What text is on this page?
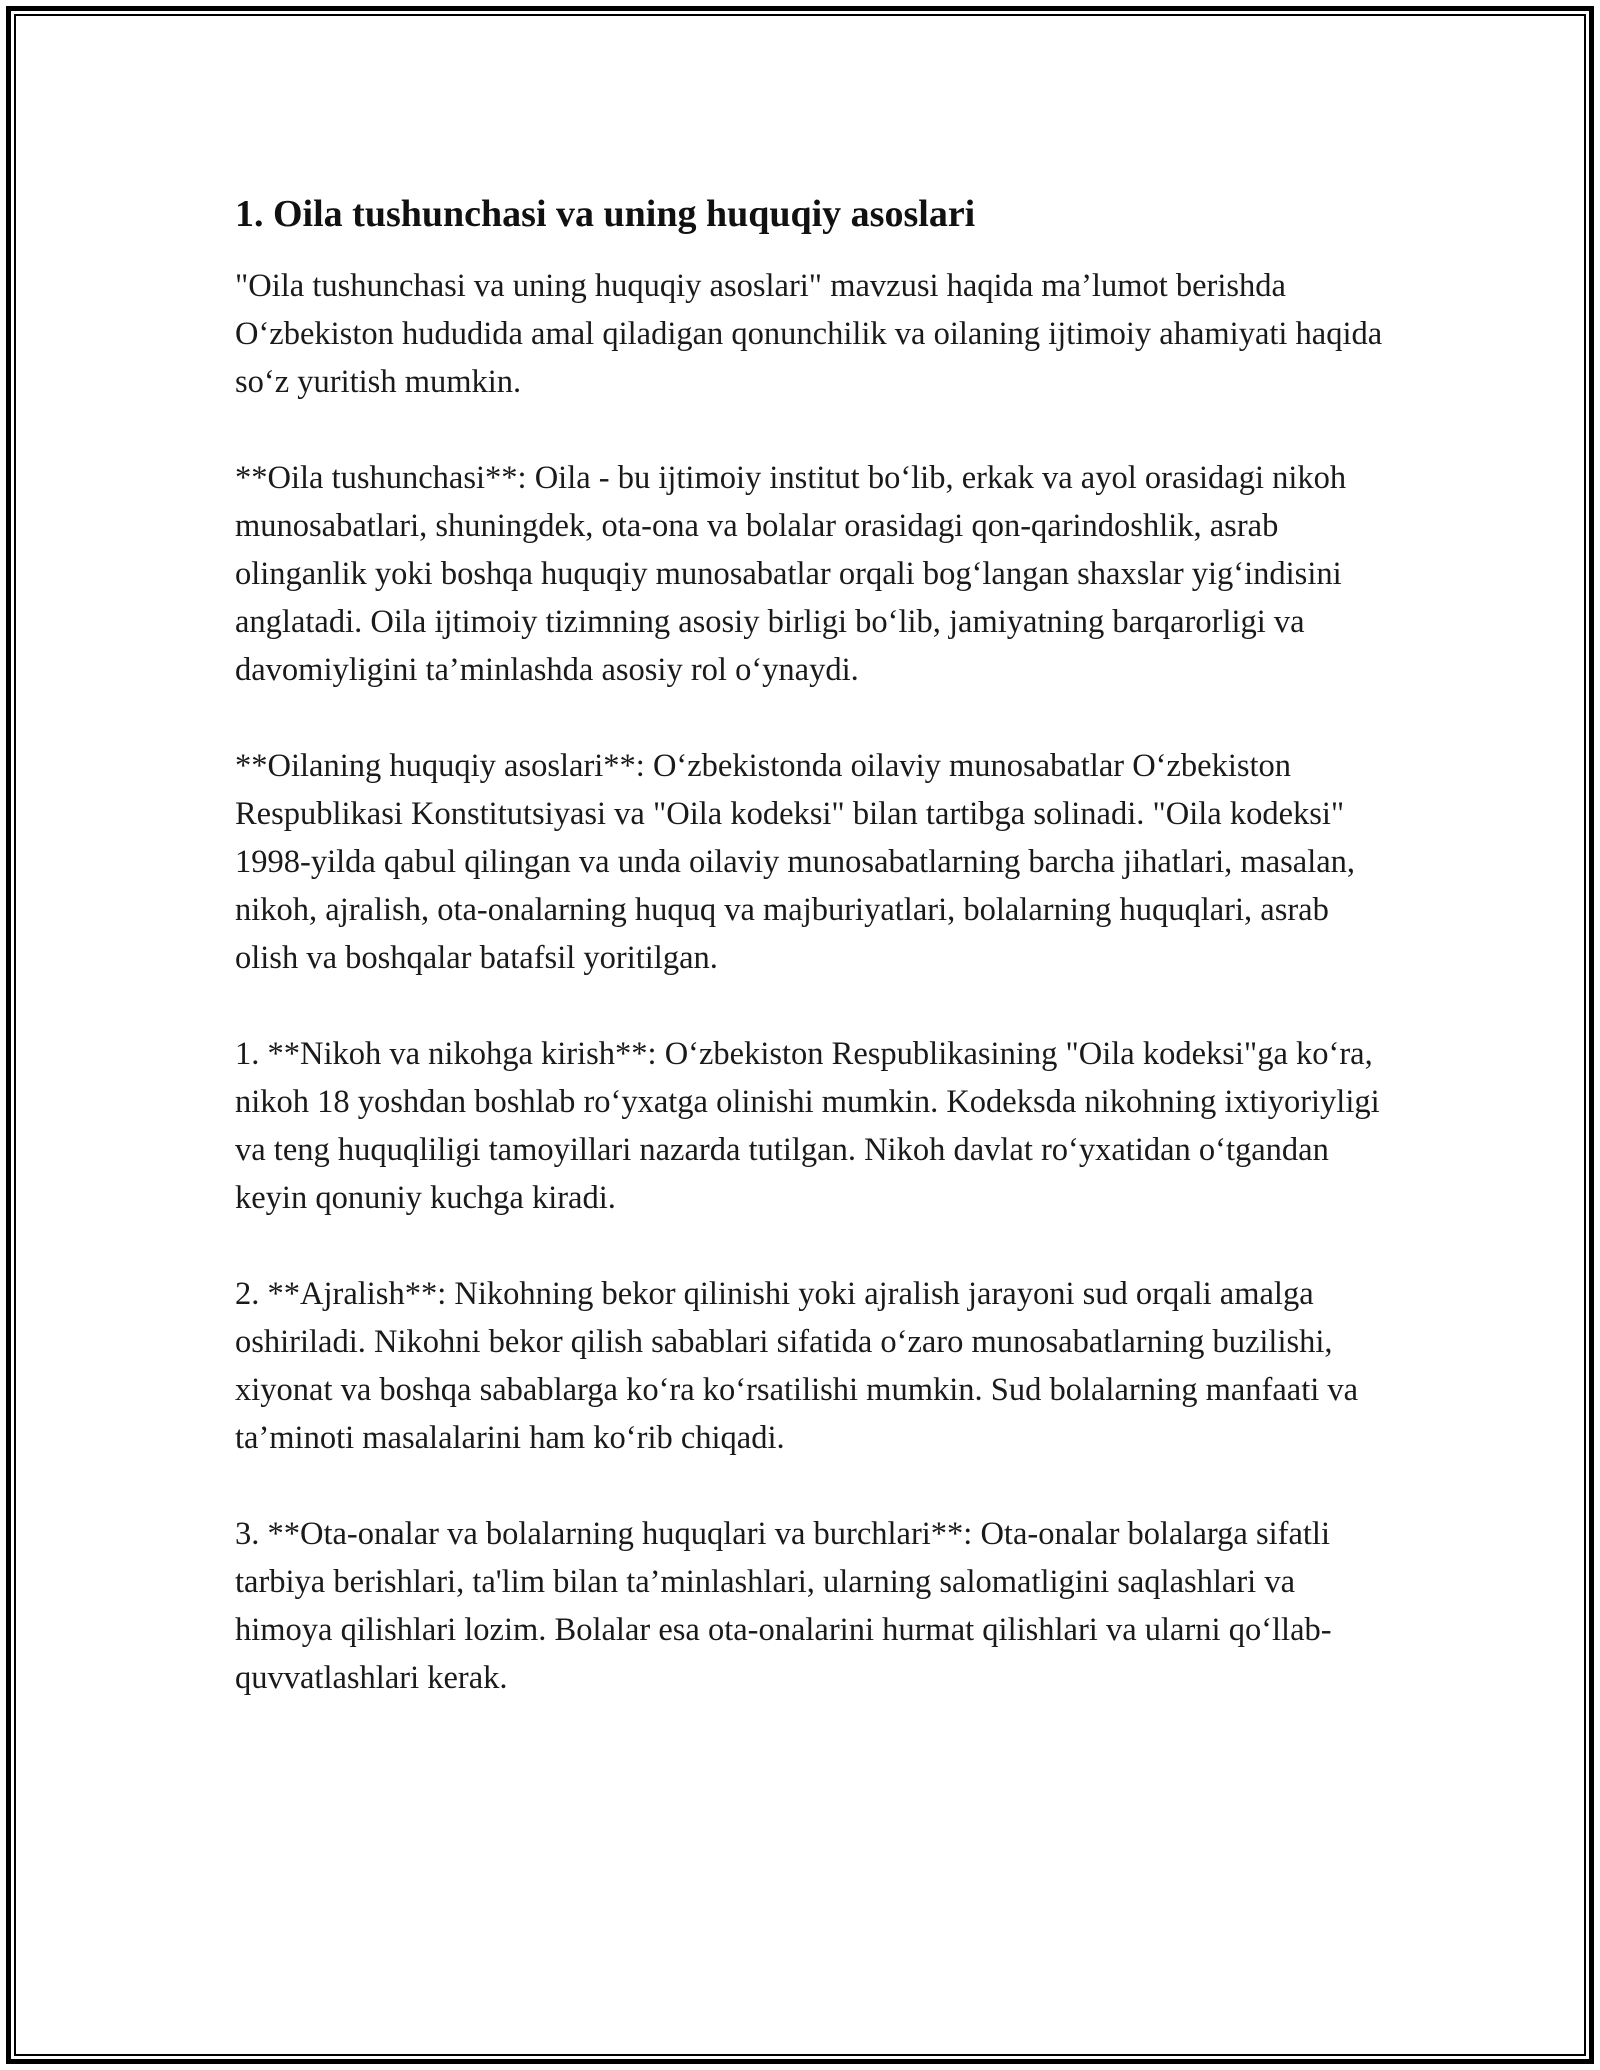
1. Oila tushunchasi va uning huquqiy asoslari

"Oila tushunchasi va uning huquqiy asoslari" mavzusi haqida ma’lumot berishda O‘zbekiston hududida amal qiladigan qonunchilik va oilaning ijtimoiy ahamiyati haqida so‘z yuritish mumkin.

**Oila tushunchasi**: Oila - bu ijtimoiy institut bo‘lib, erkak va ayol orasidagi nikoh munosabatlari, shuningdek, ota-ona va bolalar orasidagi qon-qarindoshlik, asrab olinganlik yoki boshqa huquqiy munosabatlar orqali bog‘langan shaxslar yig‘indisini anglatadi. Oila ijtimoiy tizimning asosiy birligi bo‘lib, jamiyatning barqarorligi va davomiyligini ta’minlashda asosiy rol o‘ynaydi.

**Oilaning huquqiy asoslari**: O‘zbekistonda oilaviy munosabatlar O‘zbekiston Respublikasi Konstitutsiyasi va "Oila kodeksi" bilan tartibga solinadi. "Oila kodeksi" 1998-yilda qabul qilingan va unda oilaviy munosabatlarning barcha jihatlari, masalan, nikoh, ajralish, ota-onalarning huquq va majburiyatlari, bolalarning huquqlari, asrab olish va boshqalar batafsil yoritilgan.

1. **Nikoh va nikohga kirish**: O‘zbekiston Respublikasining "Oila kodeksi"ga ko‘ra, nikoh 18 yoshdan boshlab ro‘yxatga olinishi mumkin. Kodeksda nikohning ixtiyoriyligi va teng huquqliligi tamoyillari nazarda tutilgan. Nikoh davlat ro‘yxatidan o‘tgandan keyin qonuniy kuchga kiradi.

2. **Ajralish**: Nikohning bekor qilinishi yoki ajralish jarayoni sud orqali amalga oshiriladi. Nikohni bekor qilish sabablari sifatida o‘zaro munosabatlarning buzilishi, xiyonat va boshqa sabablarga ko‘ra ko‘rsatilishi mumkin. Sud bolalarning manfaati va ta’minoti masalalarini ham ko‘rib chiqadi.

3. **Ota-onalar va bolalarning huquqlari va burchlari**: Ota-onalar bolalarga sifatli tarbiya berishlari, ta'lim bilan ta’minlashlari, ularning salomatligini saqlashlari va himoya qilishlari lozim. Bolalar esa ota-onalarini hurmat qilishlari va ularni qo‘llab-quvvatlashlari kerak.
